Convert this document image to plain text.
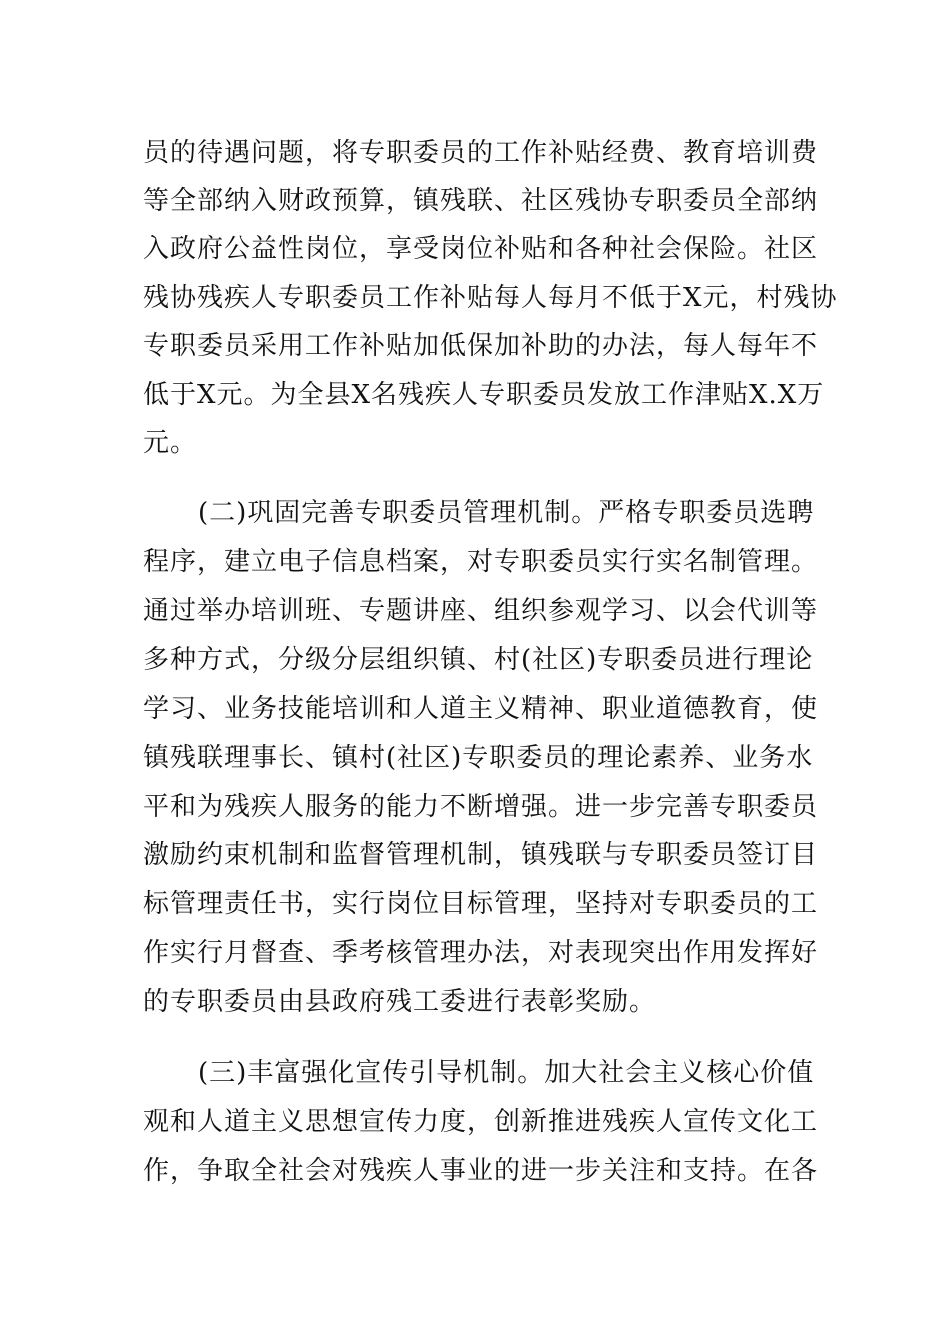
员的待遇问题，将专职委员的工作补贴经费、教育培训费
等全部纳入财政预算，镇残联、社区残协专职委员全部纳
入政府公益性岗位，享受岗位补贴和各种社会保险。社区
残协残疾人专职委员工作补贴每人每月不低于X元，村残协
专职委员采用工作补贴加低保加补助的办法，每人每年不
低于X元。为全县X名残疾人专职委员发放工作津贴X.X万
元。
(二)巩固完善专职委员管理机制。严格专职委员选聘
程序，建立电子信息档案，对专职委员实行实名制管理。
通过举办培训班、专题讲座、组织参观学习、以会代训等
多种方式，分级分层组织镇、村(社区)专职委员进行理论
学习、业务技能培训和人道主义精神、职业道德教育，使
镇残联理事长、镇村(社区)专职委员的理论素养、业务水
平和为残疾人服务的能力不断增强。进一步完善专职委员
激励约束机制和监督管理机制，镇残联与专职委员签订目
标管理责任书，实行岗位目标管理，坚持对专职委员的工
作实行月督查、季考核管理办法，对表现突出作用发挥好
的专职委员由县政府残工委进行表彰奖励。
(三)丰富强化宣传引导机制。加大社会主义核心价值
观和人道主义思想宣传力度，创新推进残疾人宣传文化工
作，争取全社会对残疾人事业的进一步关注和支持。在各
